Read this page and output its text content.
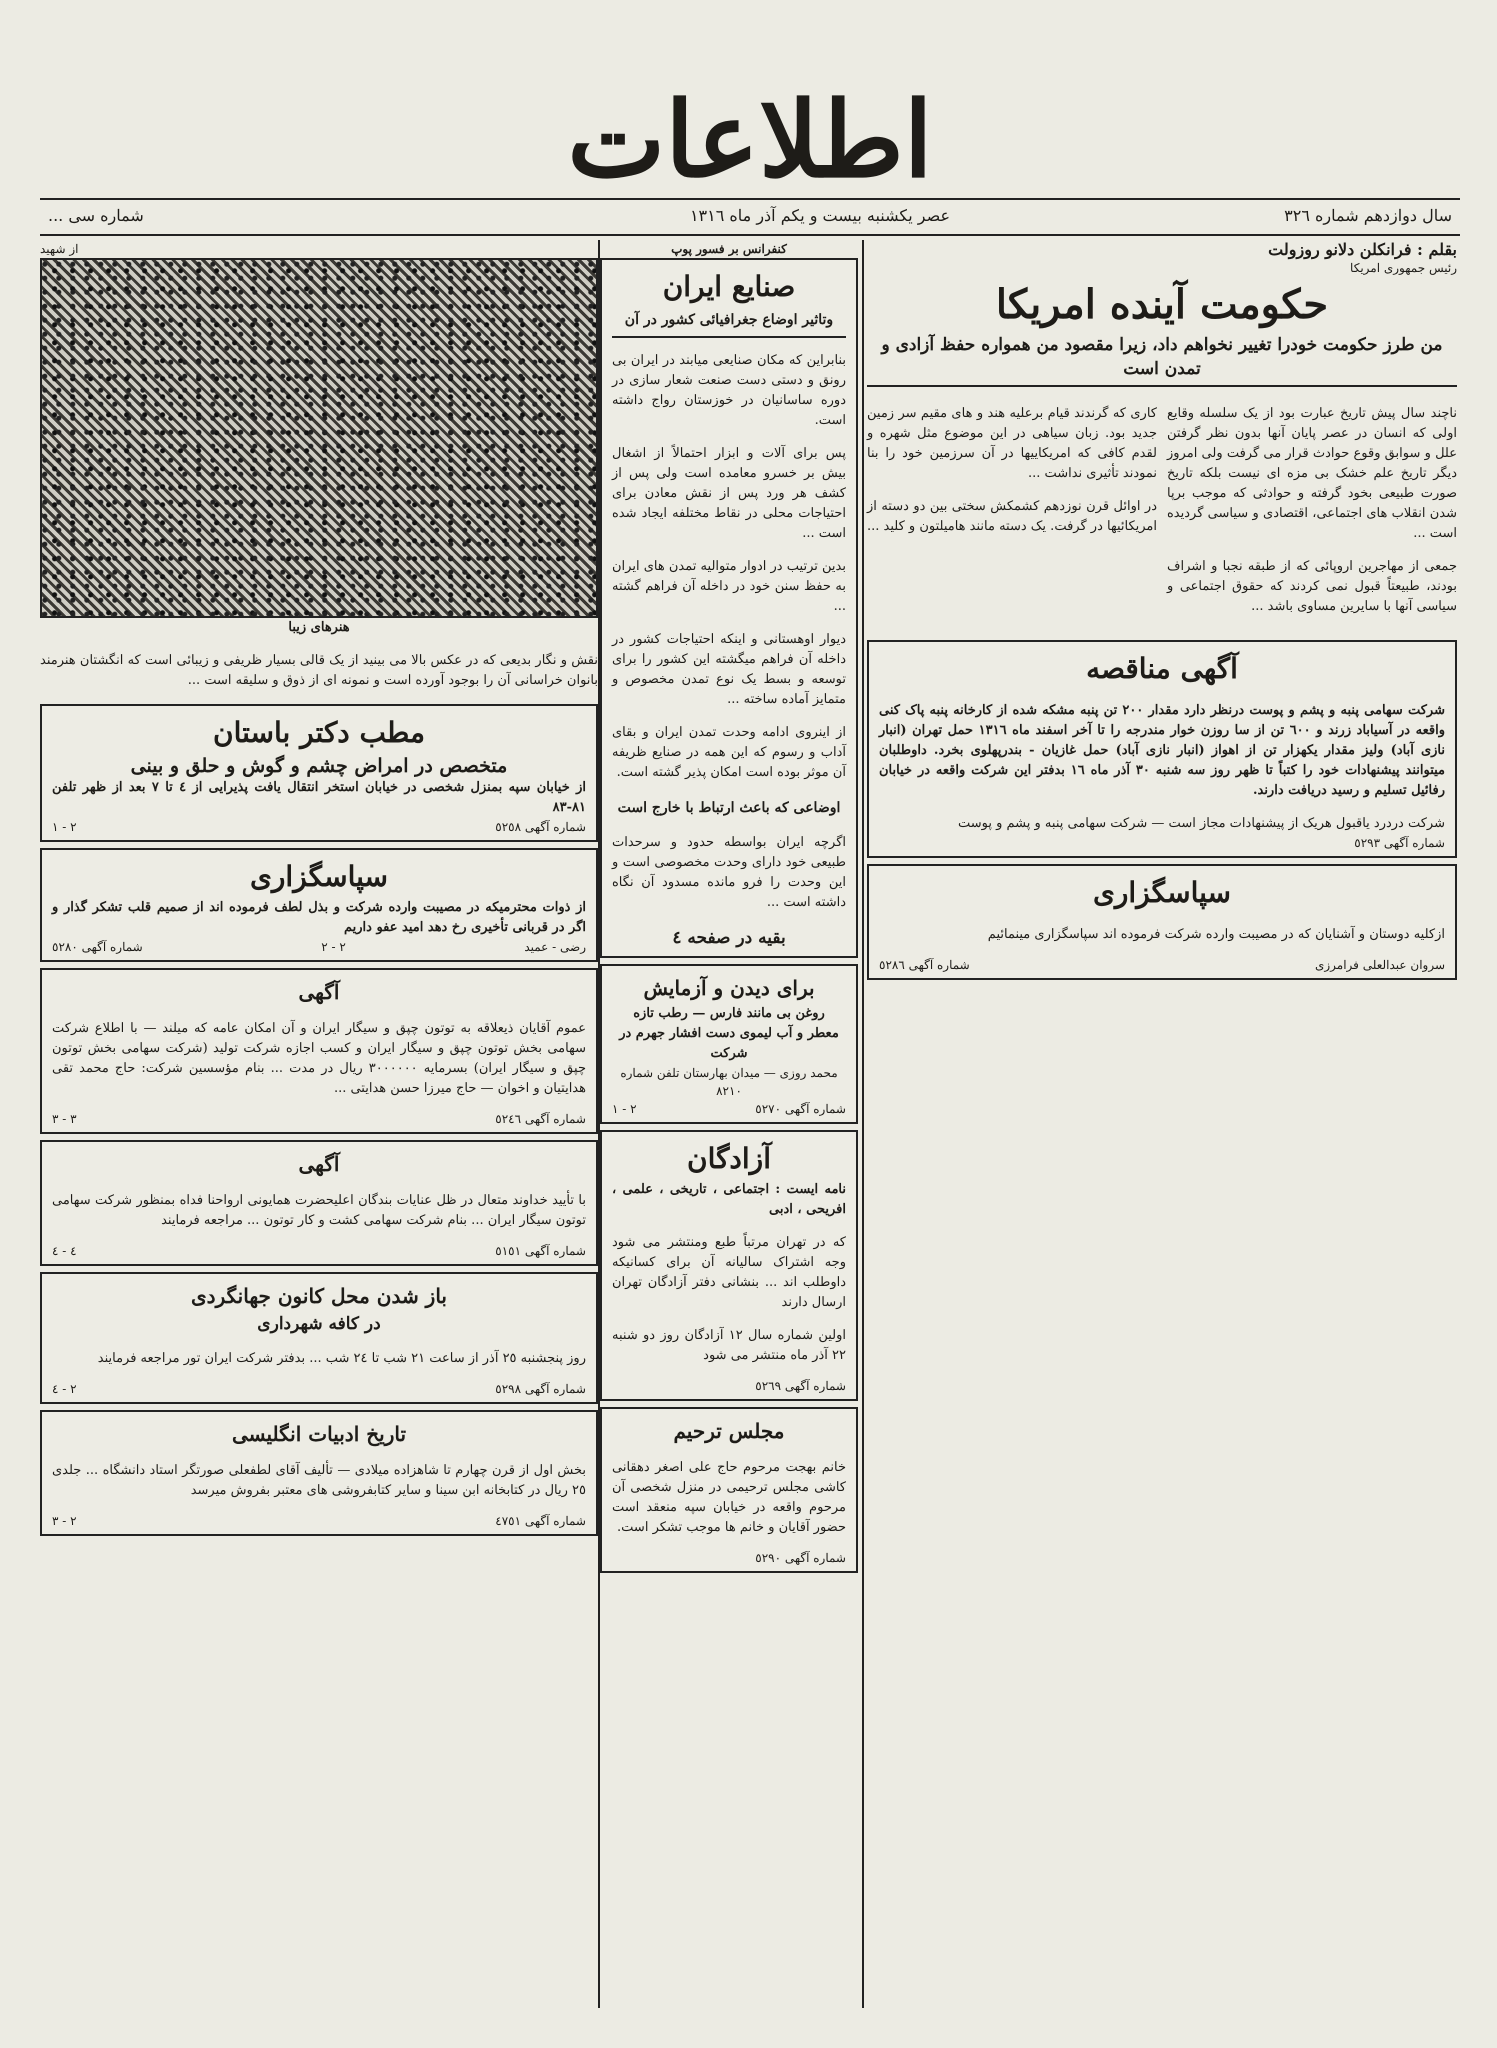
اطلاعات
سال دوازدهم شماره ٣٢٦
عصر یکشنبه بیست و یکم آذر ماه ١٣١٦
شماره سی ...
بقلم : فرانکلن دلانو روزولت
رئیس جمهوری امریکا
حکومت آینده امریکا
من طرز حکومت خودرا تغییر نخواهم داد، زیرا مقصود من همواره حفظ آزادی و تمدن است

ناچند سال پیش تاریخ عبارت بود از یک سلسله وقایع اولی که انسان در عصر پایان آنها بدون نظر گرفتن علل و سوابق وقوع حوادث قرار می گرفت ولی امروز دیگر تاریخ علم خشک بی مزه ای نیست بلکه تاریخ صورت طبیعی بخود گرفته و حوادثی که موجب برپا شدن انقلاب های اجتماعی، اقتصادی و سیاسی گردیده است ...

جمعی از مهاجرین اروپائی که از طبقه نجبا و اشراف بودند، طبیعتاً قبول نمی کردند که حقوق اجتماعی و سیاسی آنها با سایرین مساوی باشد ...

کاری که گرندند قیام برعلیه هند و های مقیم سر زمین جدید بود. زبان سیاهی در این موضوع مثل شهره و لقدم کافی که امریکاییها در آن سرزمین خود را بنا نمودند تأثیری نداشت ...

در اوائل قرن نوزدهم کشمکش سختی بین دو دسته از امریکائیها در گرفت. یک دسته مانند هامیلتون و کلید ...

آگهی مناقصه

شرکت سهامی پنبه و پشم و پوست درنظر دارد مقدار ٢٠٠ تن پنبه مشکه شده از کارخانه پنبه پاک کنی واقعه در آسیاباد زرند و ٦٠٠ تن از سا روزن خوار مندرجه را تا آخر اسفند ماه ١٣١٦ حمل تهران (انبار نازی آباد) ولیز مقدار یکهزار تن از اهواز (انبار نازی آباد) حمل غازیان - بندرپهلوی بخرد. داوطلبان میتوانند پیشنهادات خود را کتباً تا ظهر روز سه شنبه ٣٠ آذر ماه ١٦ بدفتر این شرکت واقعه در خیابان رفائیل تسلیم و رسید دریافت دارند.

شرکت دردرد یاقبول هریک از پیشنهادات مجاز است — شرکت سهامی پنبه و پشم و پوست
شماره آگهی ٥٢٩٣
سپاسگزاری

ازکلیه دوستان و آشنایان که در مصیبت وارده شرکت فرموده اند سپاسگزاری مینمائیم

سروان عبدالعلی فرامرزی
شماره آگهی ٥٢٨٦
کنفرانس بر فسور پوپ
صنایع ایران
وتاثیر اوضاع جغرافیائی کشور در آن

بنابراین که مکان صنایعی میابند در ایران بی رونق و دستی دست صنعت شعار سازی در دوره ساسانیان در خوزستان رواج داشته است.

پس برای آلات و ابزار احتمالاً از اشغال بیش بر خسرو معامده است ولی پس از کشف هر ورد پس از نقش معادن برای احتیاجات محلی در نقاط مختلفه ایجاد شده است ...

بدین ترتیب در ادوار متوالیه تمدن های ایران به حفظ سنن خود در داخله آن فراهم گشته ...

دیوار اوهستانی و اینکه احتیاجات کشور در داخله آن فراهم میگشته این کشور را برای توسعه و بسط یک نوع تمدن مخصوص و متمایز آماده ساخته ...

از اینروی ادامه وحدت تمدن ایران و بقای آداب و رسوم که این همه در صنایع ظریفه آن موثر بوده است امکان پذیر گشته است.

اوضاعی که باعث ارتباط با خارج است

اگرچه ایران بواسطه حدود و سرحدات طبیعی خود دارای وحدت مخصوصی است و این وحدت را فرو مانده مسدود آن نگاه داشته است ...

بقیه در صفحه ٤
برای دیدن و آزمایش
روغن بی مانند فارس — رطب تازه
معطر و آب لیموی دست افشار جهرم در شرکت
محمد روزی — میدان بهارستان تلفن شماره ٨٢١٠
شماره آگهی ٥٢٧٠
٢ - ١
آزادگان
نامه ایست : اجتماعی ، تاریخی ، علمی ، افریحی ، ادبی

که در تهران مرتباً طبع ومنتشر می شود وجه اشتراک سالیانه آن برای کسانیکه داوطلب اند ... بنشانی دفتر آزادگان تهران ارسال دارند

اولین شماره سال ١٢ آزادگان روز دو شنبه ٢٢ آذر ماه منتشر می شود

شماره آگهی ٥٢٦٩
مجلس ترحیم

خانم بهجت مرحوم حاج علی اصغر دهقانی کاشی مجلس ترحیمی در منزل شخصی آن مرحوم واقعه در خیابان سپه منعقد است حضور آقایان و خانم ها موجب تشکر است.

شماره آگهی ٥٢٩٠
از شهید
هنرهای زیبا

نقش و نگار بدیعی که در عکس بالا می بینید از یک قالی بسیار ظریفی و زیبائی است که انگشتان هنرمند بانوان خراسانی آن را بوجود آورده است و نمونه ای از ذوق و سلیقه است ...

مطب دکتر باستان
متخصص در امراض چشم و گوش و حلق و بینی
از خیابان سپه بمنزل شخصی در خیابان استخر انتقال یافت پذیرایی از ٤ تا ٧ بعد از ظهر تلفن ٨١-٨٣
شماره آگهی ٥٢٥٨
٢ - ١
سپاسگزاری
از ذوات محترمیکه در مصیبت وارده شرکت و بذل لطف فرموده اند از صمیم قلب تشکر گذار و اگر در قربانی تأخیری رخ دهد امید عفو داریم
رضی - عمید
٢ - ٢
شماره آگهی ٥٢٨٠
آگهی

عموم آقایان ذیعلاقه به توتون چپق و سیگار ایران و آن امکان عامه که میلند — با اطلاع شرکت سهامی بخش توتون چپق و سیگار ایران و کسب اجازه شرکت تولید (شرکت سهامی بخش توتون چپق و سیگار ایران) بسرمایه ٣٠٠٠٠٠٠ ریال در مدت ... بنام مؤسسین شرکت: حاج محمد تقی هدایتیان و اخوان — حاج میرزا حسن هدایتی ...

شماره آگهی ٥٢٤٦
٣ - ٣
آگهی

با تأیید خداوند متعال در ظل عنایات بندگان اعلیحضرت همایونی ارواحنا فداه بمنظور شرکت سهامی توتون سیگار ایران ... بنام شرکت سهامی کشت و کار توتون ... مراجعه فرمایند

شماره آگهی ٥١٥١
٤ - ٤
باز شدن محل کانون جهانگردی
در کافه شهرداری

روز پنجشنبه ٢٥ آذر از ساعت ٢١ شب تا ٢٤ شب ... بدفتر شرکت ایران تور مراجعه فرمایند

شماره آگهی ٥٢٩٨
٢ - ٤
تاریخ ادبیات انگلیسی

بخش اول از قرن چهارم تا شاهزاده میلادی — تألیف آقای لطفعلی صورتگر استاد دانشگاه ... جلدی ٢٥ ریال در کتابخانه ابن سینا و سایر کتابفروشی های معتبر بفروش میرسد

شماره آگهی ٤٧٥١
٢ - ٣
